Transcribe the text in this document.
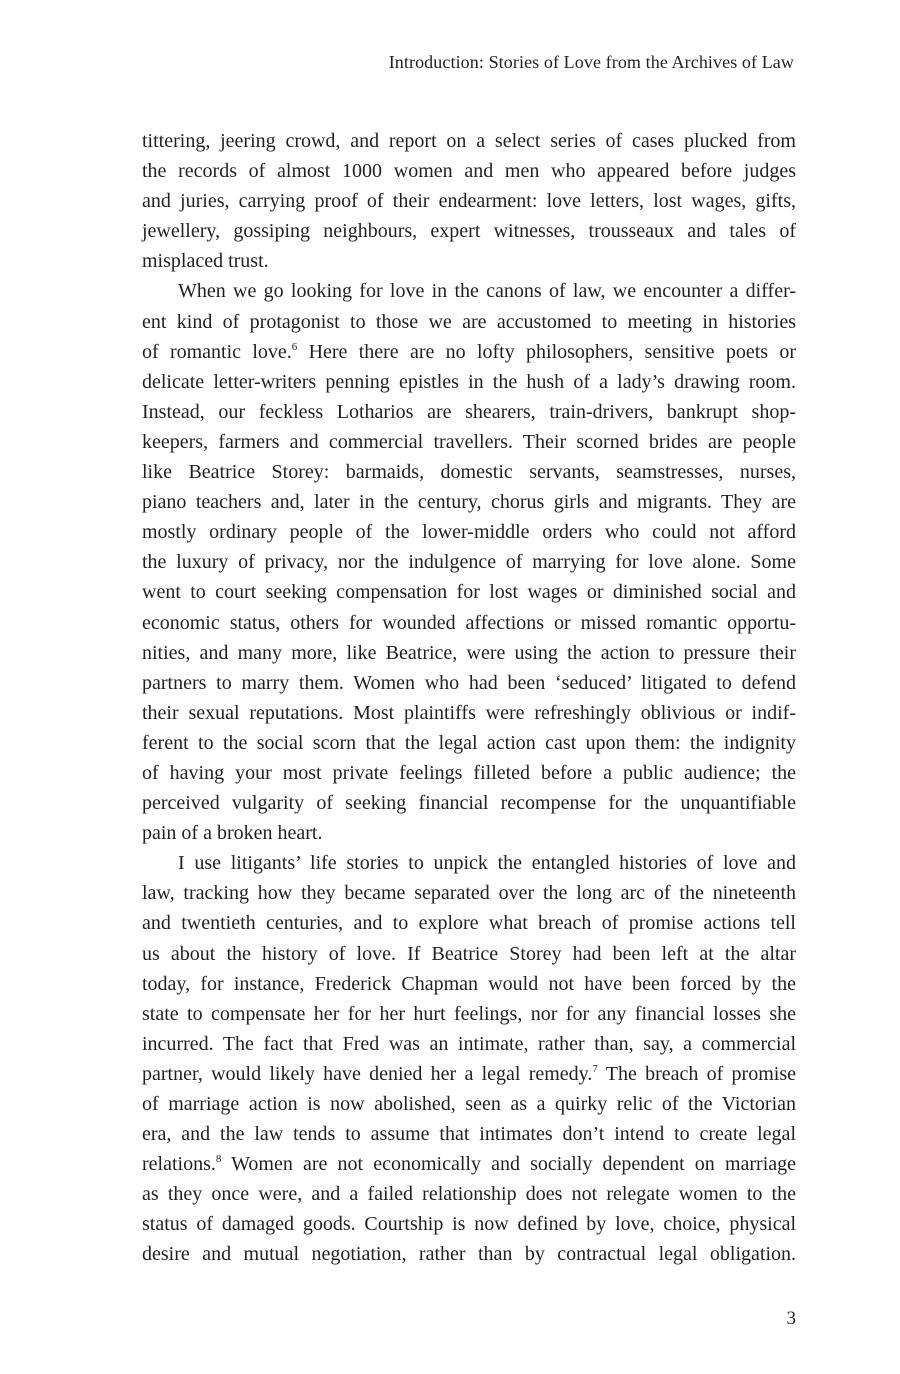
Introduction: Stories of Love from the Archives of Law

tittering, jeering crowd, and report on a select series of cases plucked from
the records of almost 1000 women and men who appeared before judges
and juries, carrying proof of their endearment: love letters, lost wages, gifts,
jewellery, gossiping neighbours, expert witnesses, trousseaux and tales of
misplaced trust.

When we go looking for love in the canons of law, we encounter a differ-
ent kind of protagonist to those we are accustomed to meeting in histories
of romantic love.$^6$ Here there are no lofty philosophers, sensitive poets or
delicate letter-writers penning epistles in the hush of a lady’s drawing room.
Instead, our feckless Lotharios are shearers, train-drivers, bankrupt shop-
keepers, farmers and commercial travellers. Their scorned brides are people
like Beatrice Storey: barmaids, domestic servants, seamstresses, nurses,
piano teachers and, later in the century, chorus girls and migrants. They are
mostly ordinary people of the lower-middle orders who could not afford
the luxury of privacy, nor the indulgence of marrying for love alone. Some
went to court seeking compensation for lost wages or diminished social and
economic status, others for wounded affections or missed romantic opportu-
nities, and many more, like Beatrice, were using the action to pressure their
partners to marry them. Women who had been ‘seduced’ litigated to defend
their sexual reputations. Most plaintiffs were refreshingly oblivious or indif-
ferent to the social scorn that the legal action cast upon them: the indignity
of having your most private feelings filleted before a public audience; the
perceived vulgarity of seeking financial recompense for the unquantifiable
pain of a broken heart.

I use litigants’ life stories to unpick the entangled histories of love and
law, tracking how they became separated over the long arc of the nineteenth
and twentieth centuries, and to explore what breach of promise actions tell
us about the history of love. If Beatrice Storey had been left at the altar
today, for instance, Frederick Chapman would not have been forced by the
state to compensate her for her hurt feelings, nor for any financial losses she
incurred. The fact that Fred was an intimate, rather than, say, a commercial
partner, would likely have denied her a legal remedy.$^7$ The breach of promise
of marriage action is now abolished, seen as a quirky relic of the Victorian
era, and the law tends to assume that intimates don’t intend to create legal
relations.$^8$ Women are not economically and socially dependent on marriage
as they once were, and a failed relationship does not relegate women to the
status of damaged goods. Courtship is now defined by love, choice, physical
desire and mutual negotiation, rather than by contractual legal obligation.

3
